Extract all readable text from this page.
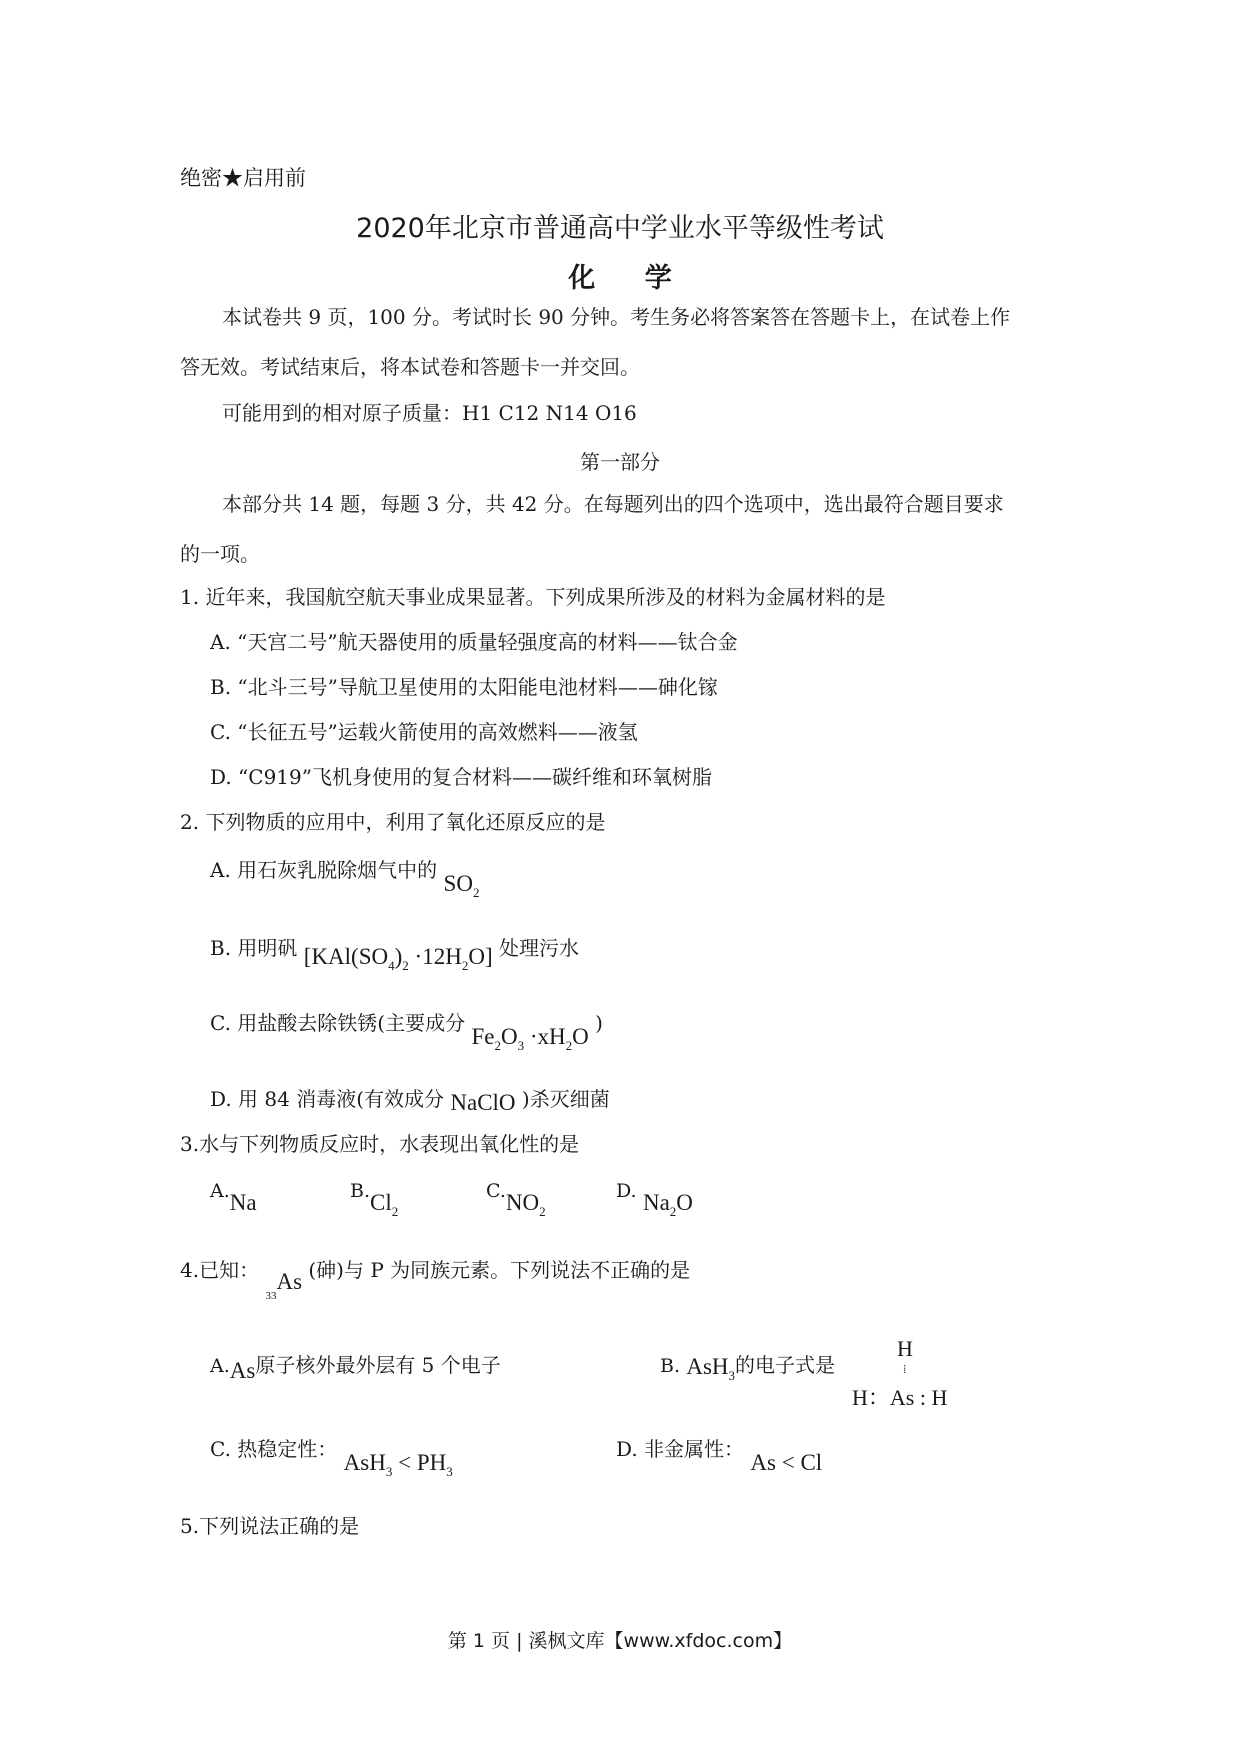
绝密★启用前
2020年北京市普通高中学业水平等级性考试
化 学
本试卷共 9 页，100 分。考试时长 90 分钟。考生务必将答案答在答题卡上，在试卷上作
答无效。考试结束后，将本试卷和答题卡一并交回。
可能用到的相对原子质量：H1 C12 N14 O16
第一部分
本部分共 14 题，每题 3 分，共 42 分。在每题列出的四个选项中，选出最符合题目要求
的一项。
1. 近年来，我国航空航天事业成果显著。下列成果所涉及的材料为金属材料的是
A. “天宫二号”航天器使用的质量轻强度高的材料——钛合金
B. “北斗三号”导航卫星使用的太阳能电池材料——砷化镓
C. “长征五号”运载火箭使用的高效燃料——液氢
D. “C919”飞机身使用的复合材料——碳纤维和环氧树脂
2. 下列物质的应用中，利用了氧化还原反应的是
A. 用石灰乳脱除烟气中的 $SO_2$
B. 用明矾 $[KAl(SO_4)_2 \cdot 12H_2O]$ 处理污水
C. 用盐酸去除铁锈(主要成分 $Fe_2O_3 \cdot xH_2O$ )
D. 用 84 消毒液(有效成分 NaClO )杀灭细菌
3.水与下列物质反应时，水表现出氧化性的是
A.Na	$B.Cl_2$
$C.NO_2$
D. $Na_2O$
4.已知： $_{33}$As (砷)与 P 为同族元素。下列说法不正确的是
A.As原子核外最外层有 5 个电子	B. AsH$_3$的电子式是
H
⁞
H：As : H
C. 热稳定性： $AsH_3 < PH_3$
D. 非金属性： As < Cl
5.下列说法正确的是
第 1 页 | 溪枫文库【www.xfdoc.com】
